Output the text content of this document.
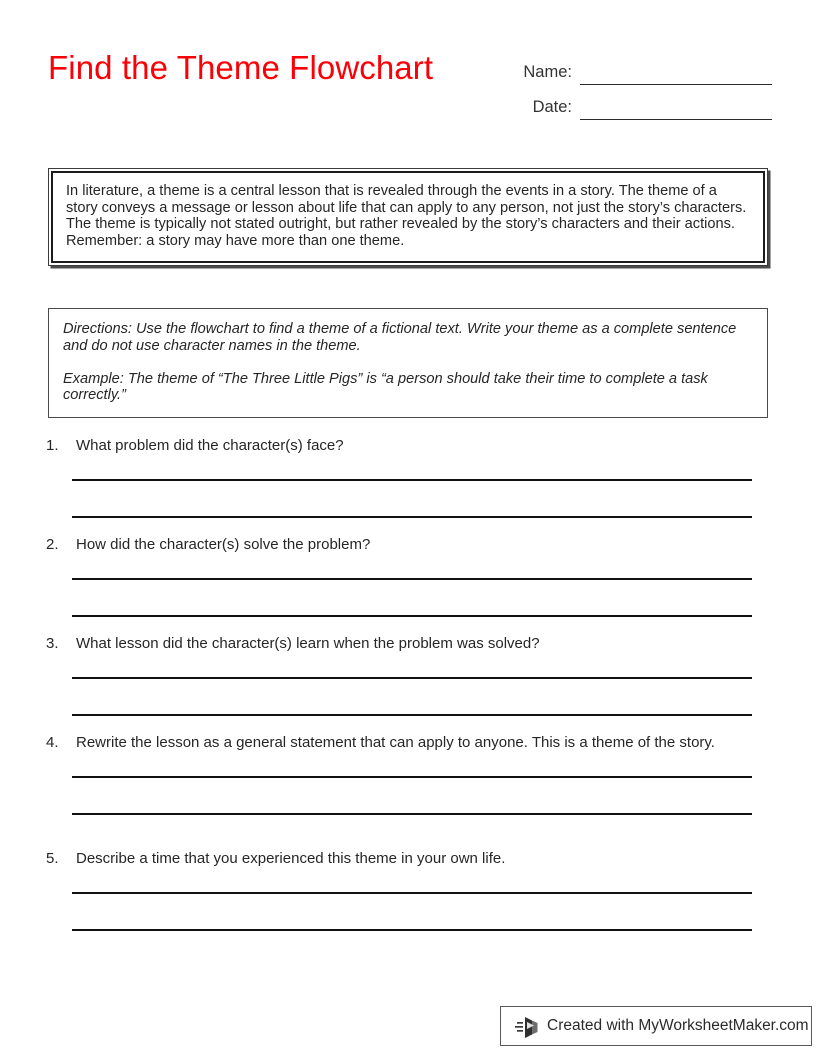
Find the Theme Flowchart	Name:
Date:
In literature, a theme is a central lesson that is revealed through the events in a story. The theme of a story conveys a message or lesson about life that can apply to any person, not just the story’s characters. The theme is typically not stated outright, but rather revealed by the story’s characters and their actions. Remember: a story may have more than one theme.
Directions: Use the flowchart to find a theme of a fictional text. Write your theme as a complete sentence and do not use character names in the theme.
Example: The theme of “The Three Little Pigs” is “a person should take their time to complete a task correctly.”
1.	What problem did the character(s) face?
2.	How did the character(s) solve the problem?
3.	What lesson did the character(s) learn when the problem was solved?
4.	Rewrite the lesson as a general statement that can apply to anyone. This is a theme of the story.
5.	Describe a time that you experienced this theme in your own life.
Created with MyWorksheetMaker.com
